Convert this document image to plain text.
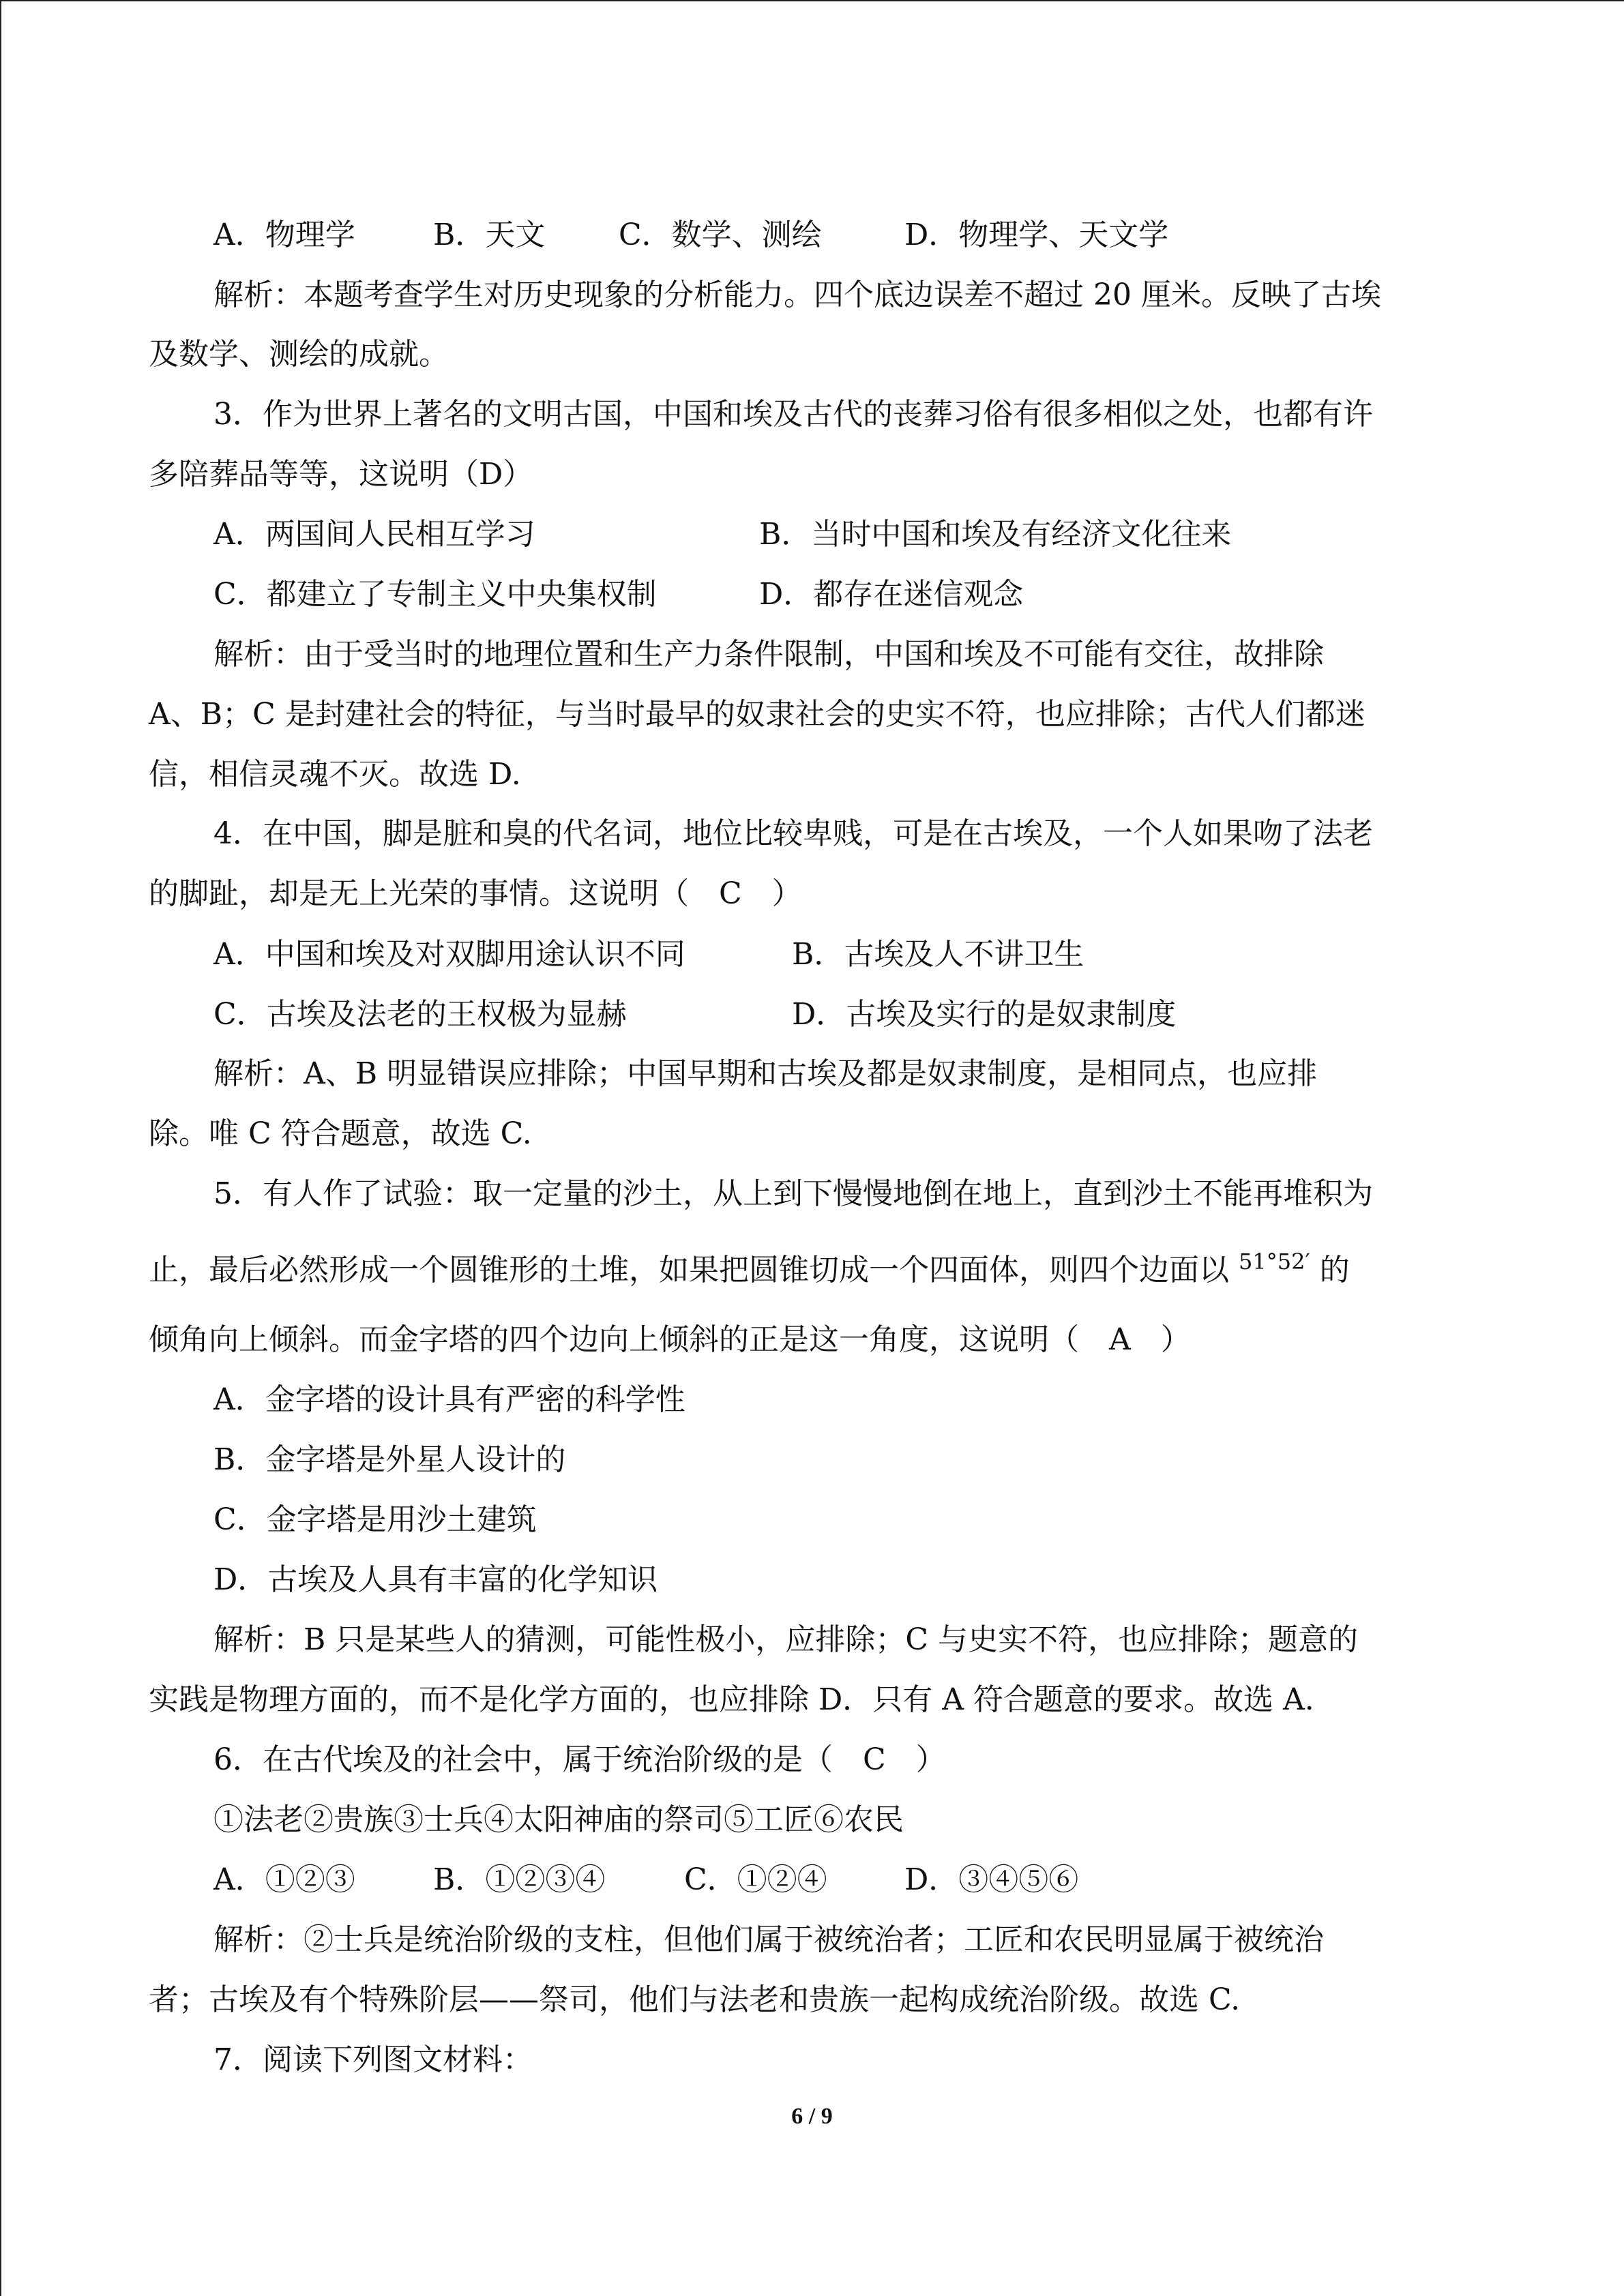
A．物理学	B．天文 C．数学、测绘	D．物理学、天文学
解析：本题考查学生对历史现象的分析能力。四个底边误差不超过 20 厘米。反映了古埃
及数学、测绘的成就。
3．作为世界上著名的文明古国，中国和埃及古代的丧葬习俗有很多相似之处，也都有许
多陪葬品等等，这说明（D）
A．两国间人民相互学习	B．当时中国和埃及有经济文化往来
C．都建立了专制主义中央集权制	D．都存在迷信观念
解析：由于受当时的地理位置和生产力条件限制，中国和埃及不可能有交往，故排除
A、B；C 是封建社会的特征，与当时最早的奴隶社会的史实不符，也应排除；古代人们都迷
信，相信灵魂不灭。故选 D.
4．在中国，脚是脏和臭的代名词，地位比较卑贱，可是在古埃及，一个人如果吻了法老
的脚趾，却是无上光荣的事情。这说明（　C　）
A．中国和埃及对双脚用途认识不同	B．古埃及人不讲卫生
C．古埃及法老的王权极为显赫	D．古埃及实行的是奴隶制度
解析：A、B 明显错误应排除；中国早期和古埃及都是奴隶制度，是相同点，也应排
除。唯 C 符合题意，故选 C.
5．有人作了试验：取一定量的沙土，从上到下慢慢地倒在地上，直到沙土不能再堆积为
止，最后必然形成一个圆锥形的土堆，如果把圆锥切成一个四面体，则四个边面以 $^{51^\circ 52'}$ 的
倾角向上倾斜。而金字塔的四个边向上倾斜的正是这一角度，这说明（　A　）
A．金字塔的设计具有严密的科学性
B．金字塔是外星人设计的
C．金字塔是用沙土建筑
D．古埃及人具有丰富的化学知识
解析：B 只是某些人的猜测，可能性极小，应排除；C 与史实不符，也应排除；题意的
实践是物理方面的，而不是化学方面的，也应排除 D．只有 A 符合题意的要求。故选 A.
6．在古代埃及的社会中，属于统治阶级的是（　C　）
①法老②贵族③士兵④太阳神庙的祭司⑤工匠⑥农民
A．①②③	B．①②③④	C．①②④	D．③④⑤⑥
解析：②士兵是统治阶级的支柱，但他们属于被统治者；工匠和农民明显属于被统治
者；古埃及有个特殊阶层——祭司，他们与法老和贵族一起构成统治阶级。故选 C.
7．阅读下列图文材料：
6 / 9
